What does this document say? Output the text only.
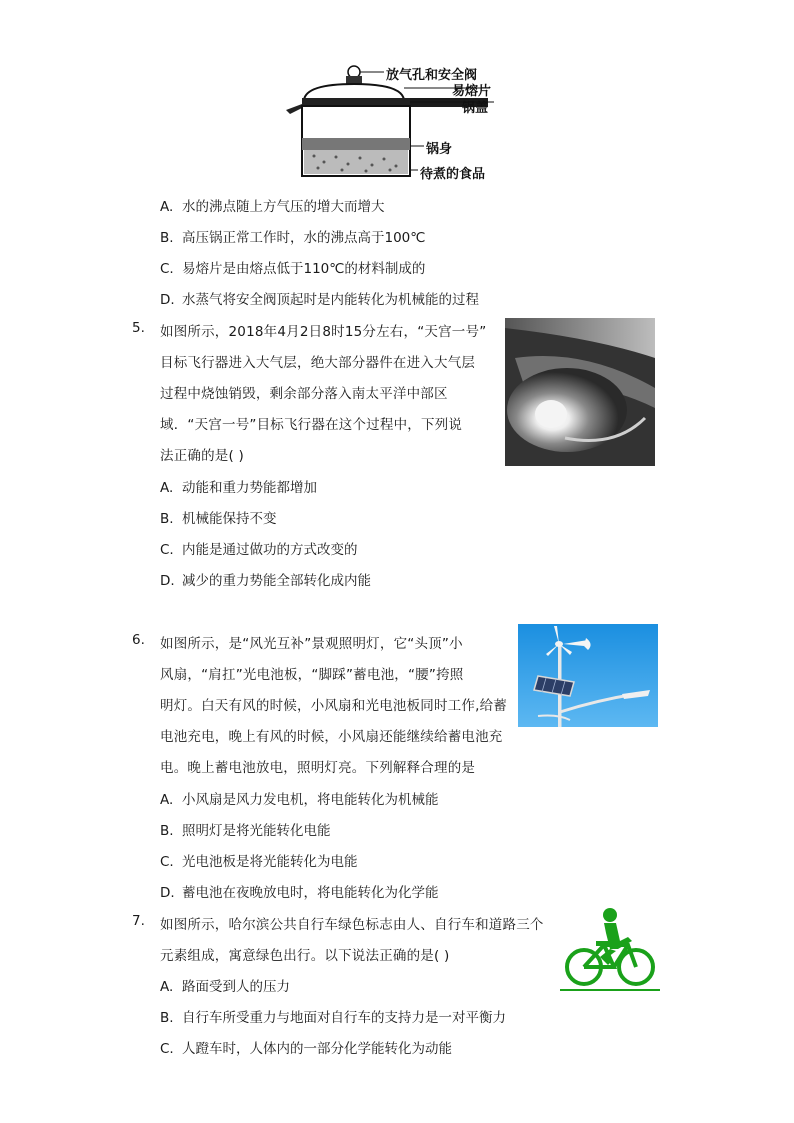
放气孔和安全阀
易熔片
锅盖
锅身
待煮的食品
A. 水的沸点随上方气压的增大而增大
B. 高压锅正常工作时，水的沸点高于100℃
C. 易熔片是由熔点低于110℃的材料制成的
D. 水蒸气将安全阀顶起时是内能转化为机械能的过程
5. 如图所示，2018年4月2日8时15分左右，“天宫一号”
目标飞行器进入大气层，绝大部分器件在进入大气层
过程中烧蚀销毁，剩余部分落入南太平洋中部区
域．“天宫一号”目标飞行器在这个过程中，下列说
法正确的是( )
A. 动能和重力势能都增加
B. 机械能保持不变
C. 内能是通过做功的方式改变的
D. 减少的重力势能全部转化成内能
6. 如图所示，是“风光互补”景观照明灯，它“头顶”小
风扇，“肩扛”光电池板，“脚踩”蓄电池，“腰”挎照
明灯。白天有风的时候，小风扇和光电池板同时工作,给蓄
电池充电，晚上有风的时候，小风扇还能继续给蓄电池充
电。晚上蓄电池放电，照明灯亮。下列解释合理的是
A. 小风扇是风力发电机，将电能转化为机械能
B. 照明灯是将光能转化电能
C. 光电池板是将光能转化为电能
D. 蓄电池在夜晚放电时，将电能转化为化学能
7. 如图所示，哈尔滨公共自行车绿色标志由人、自行车和道路三个
元素组成，寓意绿色出行。以下说法正确的是( )
A. 路面受到人的压力
B. 自行车所受重力与地面对自行车的支持力是一对平衡力
C. 人蹬车时，人体内的一部分化学能转化为动能
